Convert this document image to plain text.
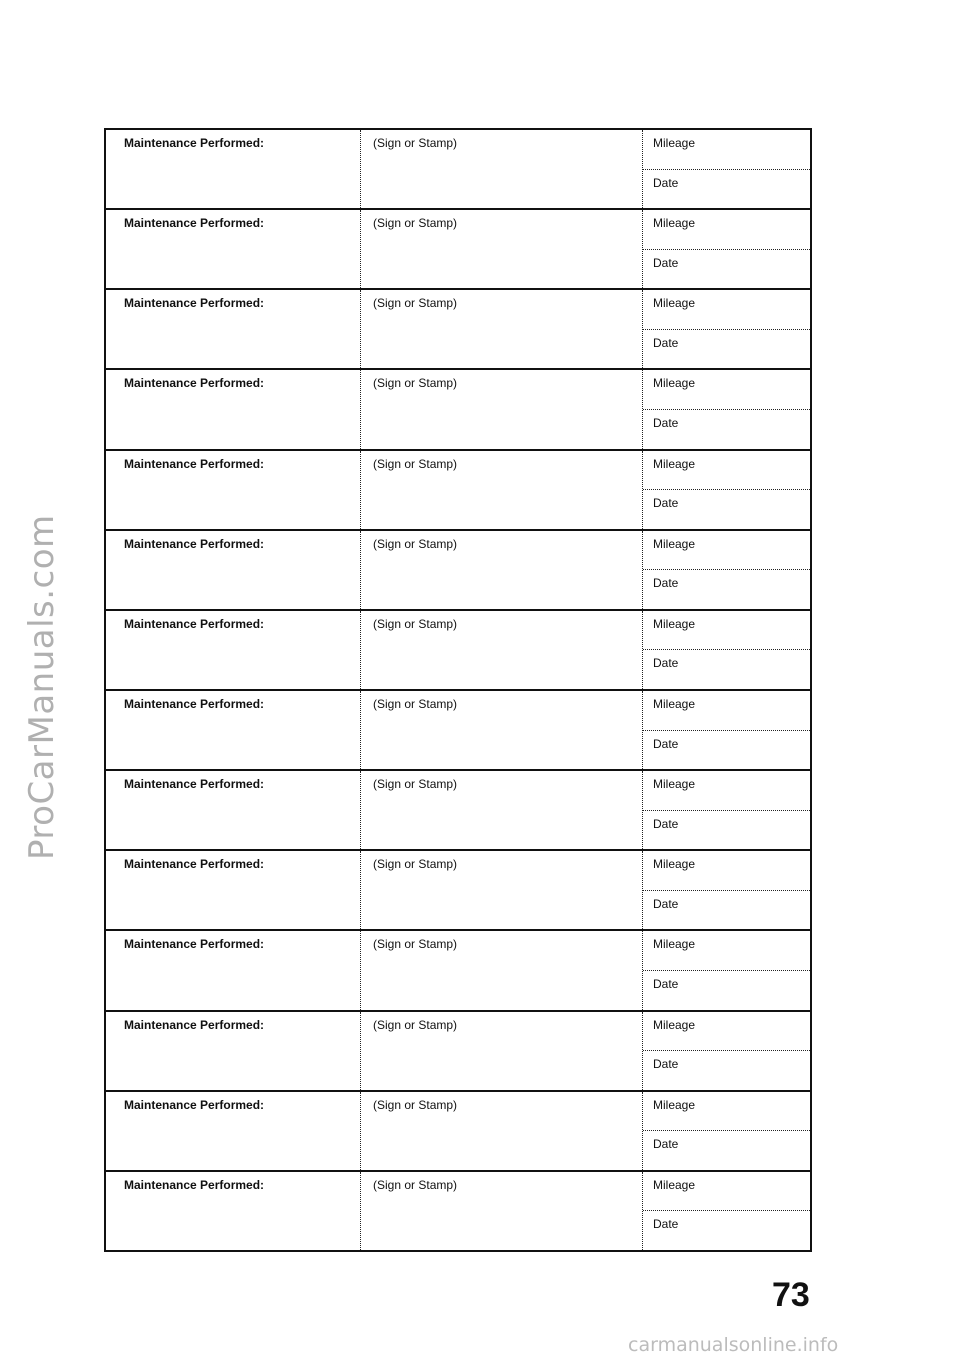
ProCarManuals.com
Maintenance Performed:	(Sign or Stamp)	Mileage
Date
Maintenance Performed:	(Sign or Stamp)	Mileage
Date
Maintenance Performed:	(Sign or Stamp)	Mileage
Date
Maintenance Performed:	(Sign or Stamp)	Mileage
Date
Maintenance Performed:	(Sign or Stamp)	Mileage
Date
Maintenance Performed:	(Sign or Stamp)	Mileage
Date
Maintenance Performed:	(Sign or Stamp)	Mileage
Date
Maintenance Performed:	(Sign or Stamp)	Mileage
Date
Maintenance Performed:	(Sign or Stamp)	Mileage
Date
Maintenance Performed:	(Sign or Stamp)	Mileage
Date
Maintenance Performed:	(Sign or Stamp)	Mileage
Date
Maintenance Performed:	(Sign or Stamp)	Mileage
Date
Maintenance Performed:	(Sign or Stamp)	Mileage
Date
Maintenance Performed:	(Sign or Stamp)	Mileage
Date
73
carmanualsonline.info
